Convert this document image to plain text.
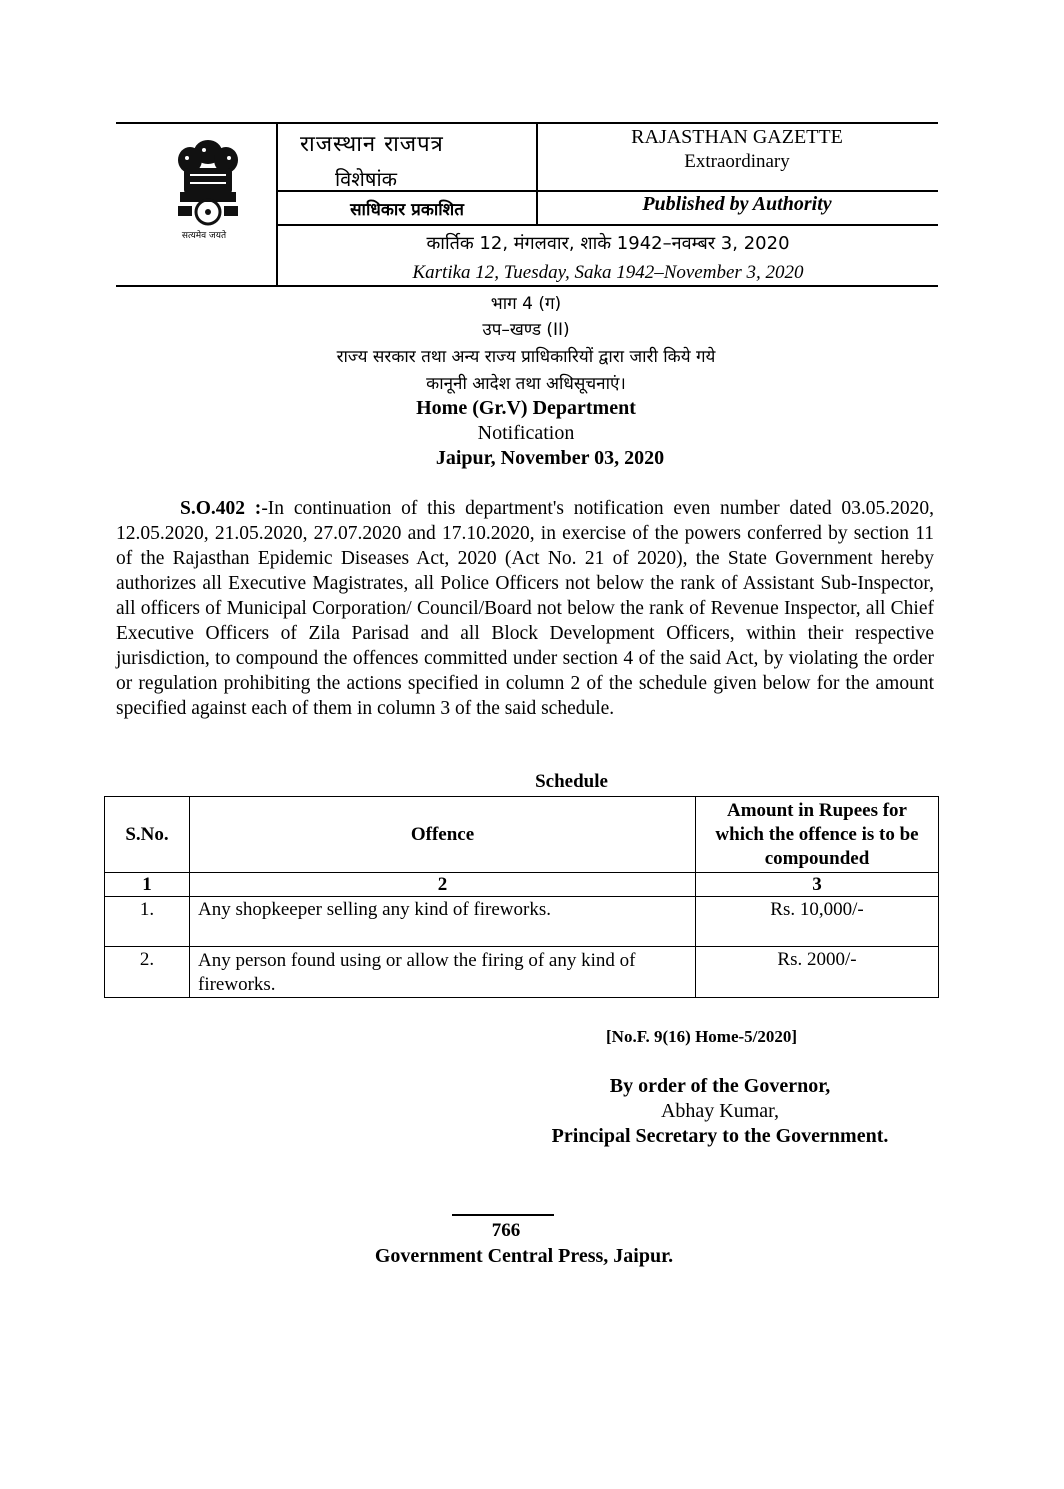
सत्यमेव जयते
राजस्थान राजपत्र
विशेषांक
RAJASTHAN GAZETTE
Extraordinary
साधिकार प्रकाशित	Published by Authority
कार्तिक 12, मंगलवार, शाके 1942–नवम्बर 3, 2020
Kartika 12, Tuesday, Saka 1942–November 3, 2020
भाग 4 (ग)
उप–खण्ड (II)
राज्य सरकार तथा अन्य राज्य प्राधिकारियों द्वारा जारी किये गये
कानूनी आदेश तथा अधिसूचनाएं।
Home (Gr.V) Department
Notification
Jaipur, November 03, 2020
S.O.402 :-In continuation of this department's notification even number dated 03.05.2020, 12.05.2020, 21.05.2020, 27.07.2020 and 17.10.2020, in exercise of the powers conferred by section 11 of the Rajasthan Epidemic Diseases Act, 2020 (Act No. 21 of 2020), the State Government hereby authorizes all Executive Magistrates, all Police Officers not below the rank of Assistant Sub-Inspector, all officers of Municipal Corporation/ Council/Board not below the rank of Revenue Inspector, all Chief Executive Officers of Zila Parisad and all Block Development Officers, within their respective jurisdiction, to compound the offences committed under section 4 of the said Act, by violating the order or regulation prohibiting the actions specified in column 2 of the schedule given below for the amount specified against each of them in column 3 of the said schedule.
Schedule
S.No.	Offence	Amount in Rupees for which the offence is to be compounded
1	2	3
1.	Any shopkeeper selling any kind of fireworks.	Rs. 10,000/-
2.	Any person found using or allow the firing of any kind of fireworks.	Rs. 2000/-
[No.F. 9(16) Home-5/2020]
By order of the Governor,
Abhay Kumar,
Principal Secretary to the Government.
766
Government Central Press, Jaipur.
